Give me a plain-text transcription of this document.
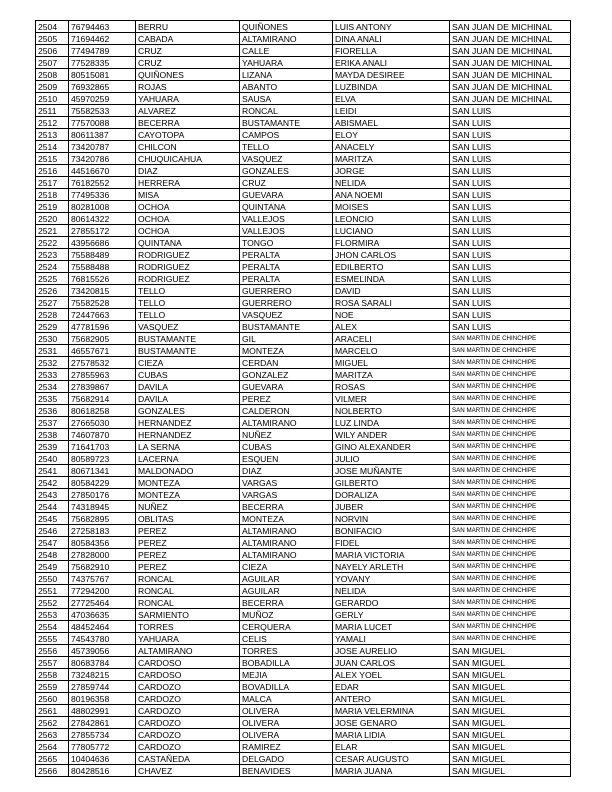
2504	76794463	BERRU	QUIÑONES	LUIS ANTONY	SAN JUAN DE MICHINAL
2505	71694462	CABADA	ALTAMIRANO	DINA ANALI	SAN JUAN DE MICHINAL
2506	77494789	CRUZ	CALLE	FIORELLA	SAN JUAN DE MICHINAL
2507	77528335	CRUZ	YAHUARA	ERIKA ANALI	SAN JUAN DE MICHINAL
2508	80515081	QUIÑONES	LIZANA	MAYDA DESIREE	SAN JUAN DE MICHINAL
2509	76932865	ROJAS	ABANTO	LUZBINDA	SAN JUAN DE MICHINAL
2510	45970259	YAHUARA	SAUSA	ELVA	SAN JUAN DE MICHINAL
2511	75582533	ALVAREZ	RONCAL	LEIDI	SAN LUIS
2512	77570088	BECERRA	BUSTAMANTE	ABISMAEL	SAN LUIS
2513	80611387	CAYOTOPA	CAMPOS	ELOY	SAN LUIS
2514	73420787	CHILCON	TELLO	ANACELY	SAN LUIS
2515	73420786	CHUQUICAHUA	VASQUEZ	MARITZA	SAN LUIS
2516	44516670	DIAZ	GONZALES	JORGE	SAN LUIS
2517	76182552	HERRERA	CRUZ	NELIDA	SAN LUIS
2518	77495336	MISA	GUEVARA	ANA NOEMI	SAN LUIS
2519	80281008	OCHOA	QUINTANA	MOISES	SAN LUIS
2520	80614322	OCHOA	VALLEJOS	LEONCIO	SAN LUIS
2521	27855172	OCHOA	VALLEJOS	LUCIANO	SAN LUIS
2522	43956686	QUINTANA	TONGO	FLORMIRA	SAN LUIS
2523	75588489	RODRIGUEZ	PERALTA	JHON CARLOS	SAN LUIS
2524	75588488	RODRIGUEZ	PERALTA	EDILBERTO	SAN LUIS
2525	76815526	RODRIGUEZ	PERALTA	ESMELINDA	SAN LUIS
2526	73420815	TELLO	GUERRERO	DAVID	SAN LUIS
2527	75582528	TELLO	GUERRERO	ROSA SARALI	SAN LUIS
2528	72447663	TELLO	VASQUEZ	NOE	SAN LUIS
2529	47781596	VASQUEZ	BUSTAMANTE	ALEX	SAN LUIS
2530	75682905	BUSTAMANTE	GIL	ARACELI	SAN MARTIN DE CHINCHIPE
2531	46557671	BUSTAMANTE	MONTEZA	MARCELO	SAN MARTIN DE CHINCHIPE
2532	27578532	CIEZA	CERDAN	MIGUEL	SAN MARTIN DE CHINCHIPE
2533	27855963	CUBAS	GONZALEZ	MARITZA	SAN MARTIN DE CHINCHIPE
2534	27839867	DAVILA	GUEVARA	ROSAS	SAN MARTIN DE CHINCHIPE
2535	75682914	DAVILA	PEREZ	VILMER	SAN MARTIN DE CHINCHIPE
2536	80618258	GONZALES	CALDERON	NOLBERTO	SAN MARTIN DE CHINCHIPE
2537	27665030	HERNANDEZ	ALTAMIRANO	LUZ LINDA	SAN MARTIN DE CHINCHIPE
2538	74607870	HERNANDEZ	NUÑEZ	WILY ANDER	SAN MARTIN DE CHINCHIPE
2539	71641703	LA SERNA	CUBAS	GINO ALEXANDER	SAN MARTIN DE CHINCHIPE
2540	80589723	LACERNA	ESQUEN	JULIO	SAN MARTIN DE CHINCHIPE
2541	80671341	MALDONADO	DIAZ	JOSE MUÑANTE	SAN MARTIN DE CHINCHIPE
2542	80584229	MONTEZA	VARGAS	GILBERTO	SAN MARTIN DE CHINCHIPE
2543	27850176	MONTEZA	VARGAS	DORALIZA	SAN MARTIN DE CHINCHIPE
2544	74318945	NUÑEZ	BECERRA	JUBER	SAN MARTIN DE CHINCHIPE
2545	75682895	OBLITAS	MONTEZA	NORVIN	SAN MARTIN DE CHINCHIPE
2546	27258183	PEREZ	ALTAMIRANO	BONIFACIO	SAN MARTIN DE CHINCHIPE
2547	80584356	PEREZ	ALTAMIRANO	FIDEL	SAN MARTIN DE CHINCHIPE
2548	27828000	PEREZ	ALTAMIRANO	MARIA VICTORIA	SAN MARTIN DE CHINCHIPE
2549	75682910	PEREZ	CIEZA	NAYELY ARLETH	SAN MARTIN DE CHINCHIPE
2550	74375767	RONCAL	AGUILAR	YOVANY	SAN MARTIN DE CHINCHIPE
2551	77294200	RONCAL	AGUILAR	NELIDA	SAN MARTIN DE CHINCHIPE
2552	27725464	RONCAL	BECERRA	GERARDO	SAN MARTIN DE CHINCHIPE
2553	47036635	SARMIENTO	MUÑOZ	GERLY	SAN MARTIN DE CHINCHIPE
2554	48452464	TORRES	CERQUERA	MARIA LUCET	SAN MARTIN DE CHINCHIPE
2555	74543780	YAHUARA	CELIS	YAMALI	SAN MARTIN DE CHINCHIPE
2556	45739056	ALTAMIRANO	TORRES	JOSE AURELIO	SAN MIGUEL
2557	80683784	CARDOSO	BOBADILLA	JUAN CARLOS	SAN MIGUEL
2558	73248215	CARDOSO	MEJIA	ALEX YOEL	SAN MIGUEL
2559	27859744	CARDOZO	BOVADILLA	EDAR	SAN MIGUEL
2560	80196358	CARDOZO	MALCA	ANTERO	SAN MIGUEL
2561	48802991	CARDOZO	OLIVERA	MARIA VELERMINA	SAN MIGUEL
2562	27842861	CARDOZO	OLIVERA	JOSE GENARO	SAN MIGUEL
2563	27855734	CARDOZO	OLIVERA	MARIA LIDIA	SAN MIGUEL
2564	77805772	CARDOZO	RAMIREZ	ELAR	SAN MIGUEL
2565	10404636	CASTAÑEDA	DELGADO	CESAR AUGUSTO	SAN MIGUEL
2566	80428516	CHAVEZ	BENAVIDES	MARIA JUANA	SAN MIGUEL
